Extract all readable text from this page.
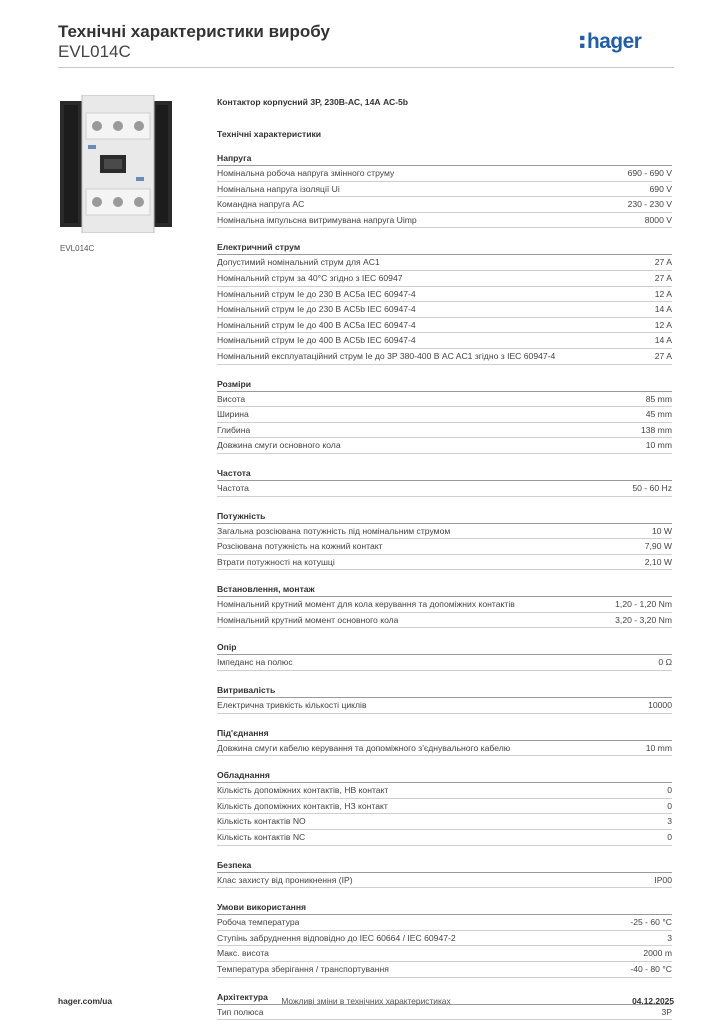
Технічні характеристики виробу
EVL014C	hager
EVL014C
Контактор корпусний 3Р, 230В-АС, 14А АС-5b
Технічні характеристики
Напруга
Номінальна робоча напруга змінного струму	690 - 690 V
Номінальна напруга ізоляції Ui	690 V
Командна напруга AC	230 - 230 V
Номінальна імпульсна витримувана напруга Uimp	8000 V
Електричний струм
Допустимий номінальний струм для AC1	27 A
Номінальний струм за 40°C згідно з IEC 60947	27 A
Номінальний струм Ie до 230 В AC5a IEC 60947-4	12 A
Номінальний струм Ie до 230 В AC5b IEC 60947-4	14 A
Номінальний струм Ie до 400 В AC5a IEC 60947-4	12 A
Номінальний струм Ie до 400 В AC5b IEC 60947-4	14 A
Номінальний експлуатаційний струм Ie до 3P 380-400 В AC AC1 згідно з IEC 60947-4	27 A
Розміри
Висота	85 mm
Ширина	45 mm
Глибина	138 mm
Довжина смуги основного кола	10 mm
Частота
Частота	50 - 60 Hz
Потужність
Загальна розсіювана потужність під номінальним струмом	10 W
Розсіювана потужність на кожний контакт	7,90 W
Втрати потужності на котушці	2,10 W
Встановлення, монтаж
Номінальний крутний момент для кола керування та допоміжних контактів	1,20 - 1,20 Nm
Номінальний крутний момент основного кола	3,20 - 3,20 Nm
Опір
Імпеданс на полюс	0 Ω
Витривалість
Електрична тривкість кількості циклів	10000
Під'єднання
Довжина смуги кабелю керування та допоміжного з'єднувального кабелю	10 mm
Обладнання
Кількість допоміжних контактів, НВ контакт	0
Кількість допоміжних контактів, НЗ контакт	0
Кількість контактів NO	3
Кількість контактів NC	0
Безпека
Клас захисту від проникнення (IP)	IP00
Умови використання
Робоча температура	-25 - 60 °C
Ступінь забруднення відповідно до IEC 60664 / IEC 60947-2	3
Макс. висота	2000 m
Температура зберігання / транспортування	-40 - 80 °C
Архітектура
Тип полюса	3P
hager.com/ua	Можливі зміни в технічних характеристиках	04.12.2025
